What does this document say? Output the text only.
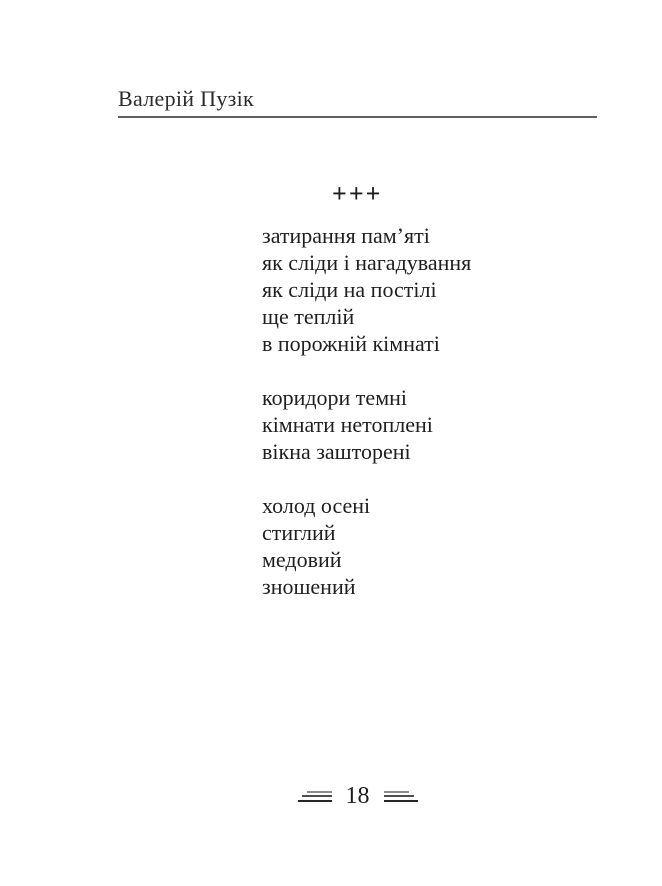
Валерій Пузік
+++
затирання пам’яті
як сліди і нагадування
як сліди на постілі
ще теплій
в порожній кімнаті
коридори темні
кімнати нетоплені
вікна зашторені
холод осені
стиглий
медовий
зношений
18
